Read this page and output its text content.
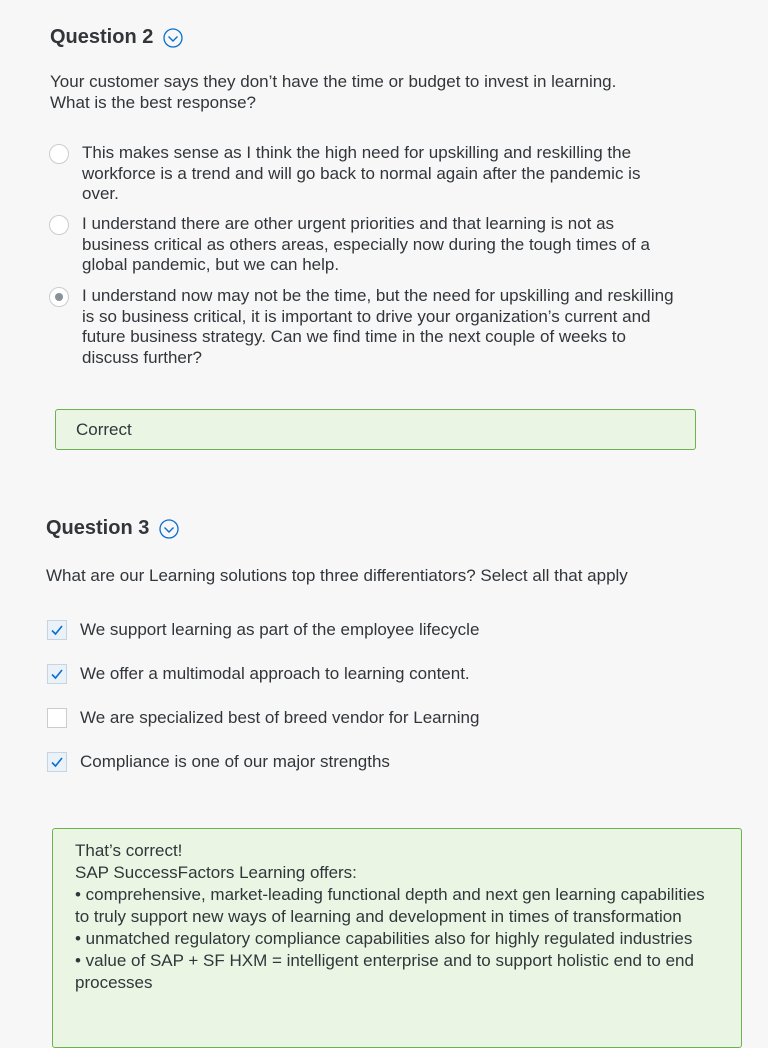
Question 2
Your customer says they don’t have the time or budget to invest in learning.
What is the best response?
This makes sense as I think the high need for upskilling and reskilling the workforce is a trend and will go back to normal again after the pandemic is over.
I understand there are other urgent priorities and that learning is not as business critical as others areas, especially now during the tough times of a global pandemic, but we can help.
I understand now may not be the time, but the need for upskilling and reskilling is so business critical, it is important to drive your organization’s current and future business strategy. Can we find time in the next couple of weeks to discuss further?
Correct
Question 3
What are our Learning solutions top three differentiators? Select all that apply
We support learning as part of the employee lifecycle
We offer a multimodal approach to learning content.
We are specialized best of breed vendor for Learning
Compliance is one of our major strengths
That’s correct!
SAP SuccessFactors Learning offers:
• comprehensive, market-leading functional depth and next gen learning capabilities to truly support new ways of learning and development in times of transformation
• unmatched regulatory compliance capabilities also for highly regulated industries
• value of SAP + SF HXM = intelligent enterprise and to support holistic end to end processes
